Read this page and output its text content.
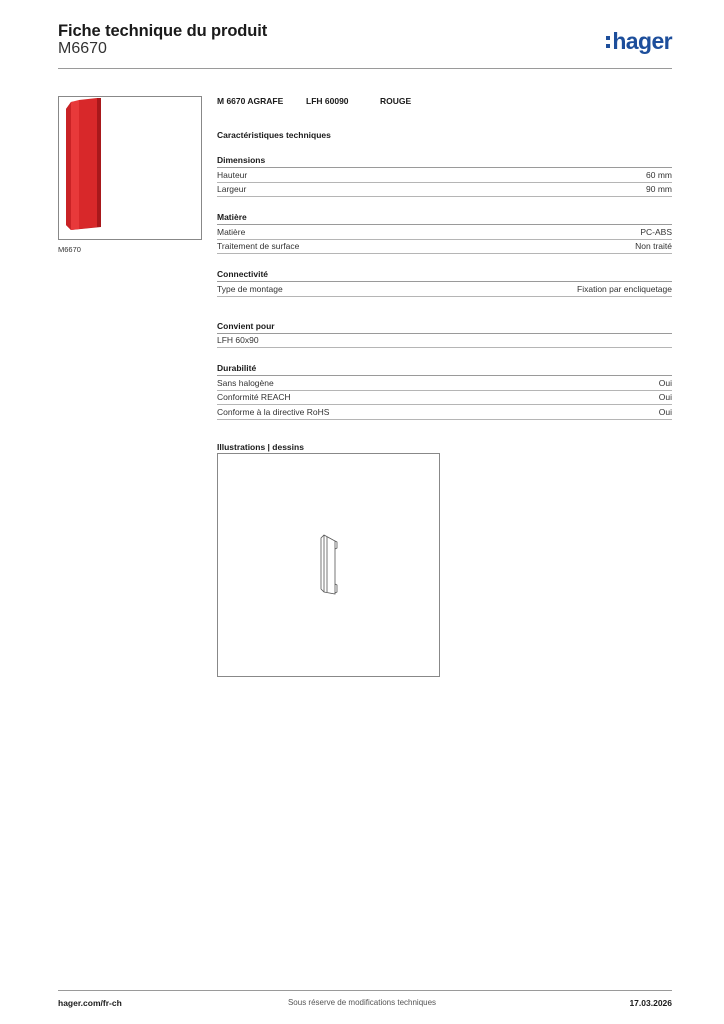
Fiche technique du produit
M6670	hager
M6670
M 6670 AGRAFE	LFH 60090	ROUGE
Caractéristiques techniques
Dimensions
Hauteur	60 mm
Largeur	90 mm
Matière
Matière	PC-ABS
Traitement de surface	Non traité
Connectivité
Type de montage	Fixation par encliquetage
Convient pour
LFH 60x90
Durabilité
Sans halogène	Oui
Conformité REACH	Oui
Conforme à la directive RoHS	Oui
Illustrations | dessins
hager.com/fr-ch	Sous réserve de modifications techniques	17.03.2026
